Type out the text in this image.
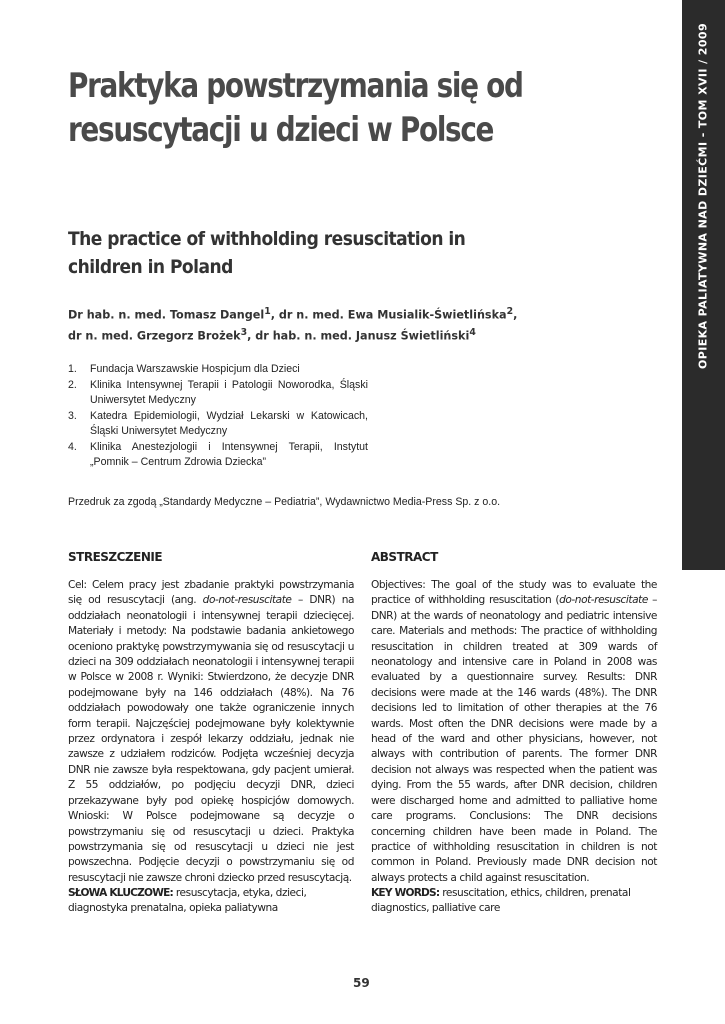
OPIEKA PALIATYWNA NAD DZIEĆMI - TOM XVII / 2009
Praktyka powstrzymania się od resuscytacji u dzieci w Polsce
The practice of withholding resuscitation in children in Poland

Dr hab. n. med. Tomasz Dangel$^1$, dr n. med. Ewa Musialik-Świetlińska$^2$,
dr n. med. Grzegorz Brożek$^3$, dr hab. n. med. Janusz Świetliński$^4$

1.	Fundacja Warszawskie Hospicjum dla Dzieci
2.	Klinika Intensywnej Terapii i Patologii Noworodka, Śląski Uniwersytet Medyczny
3.	Katedra Epidemiologii, Wydział Lekarski w Katowicach, Śląski Uniwersytet Medyczny
4.	Klinika Anestezjologii i Intensywnej Terapii, Instytut „Pomnik – Centrum Zdrowia Dziecka”
Przedruk za zgodą „Standardy Medyczne – Pediatria”, Wydawnictwo Media-Press Sp. z o.o.
STRESZCZENIE

Cel: Celem pracy jest zbadanie praktyki powstrzymania się od resuscytacji (ang. do-not-resuscitate – DNR) na oddziałach neonatologii i intensywnej terapii dziecięcej. Materiały i metody: Na podstawie badania ankietowego oceniono praktykę powstrzymywania się od resuscytacji u dzieci na 309 oddziałach neonatologii i intensywnej terapii w Polsce w 2008 r. Wyniki: Stwierdzono, że decyzje DNR podejmowane były na 146 oddziałach (48%). Na 76 oddziałach powodowały one także ograniczenie innych form terapii. Najczęściej podejmowane były kolektywnie przez ordynatora i zespół lekarzy oddziału, jednak nie zawsze z udziałem rodziców. Podjęta wcześniej decyzja DNR nie zawsze była respektowana, gdy pacjent umierał. Z 55 oddziałów, po podjęciu decyzji DNR, dzieci przekazywane były pod opiekę hospicjów domowych. Wnioski: W Polsce podejmowane są decyzje o powstrzymaniu się od resuscytacji u dzieci. Praktyka powstrzymania się od resuscytacji u dzieci nie jest powszechna. Podjęcie decyzji o powstrzymaniu się od resuscytacji nie zawsze chroni dziecko przed resuscytacją.

SŁOWA KLUCZOWE: resuscytacja, etyka, dzieci, diagnostyka prenatalna, opieka paliatywna

ABSTRACT

Objectives: The goal of the study was to evaluate the practice of withholding resuscitation (do-not-resuscitate – DNR) at the wards of neonatology and pediatric intensive care. Materials and methods: The practice of withholding resuscitation in children treated at 309 wards of neonatology and intensive care in Poland in 2008 was evaluated by a questionnaire survey. Results: DNR decisions were made at the 146 wards (48%). The DNR decisions led to limitation of other therapies at the 76 wards. Most often the DNR decisions were made by a head of the ward and other physicians, however, not always with contribution of parents. The former DNR decision not always was respected when the patient was dying. From the 55 wards, after DNR decision, children were discharged home and admitted to palliative home care programs. Conclusions: The DNR decisions concerning children have been made in Poland. The practice of withholding resuscitation in children is not common in Poland. Previously made DNR decision not always protects a child against resuscitation.

KEY WORDS: resuscitation, ethics, children, prenatal diagnostics, palliative care

59
